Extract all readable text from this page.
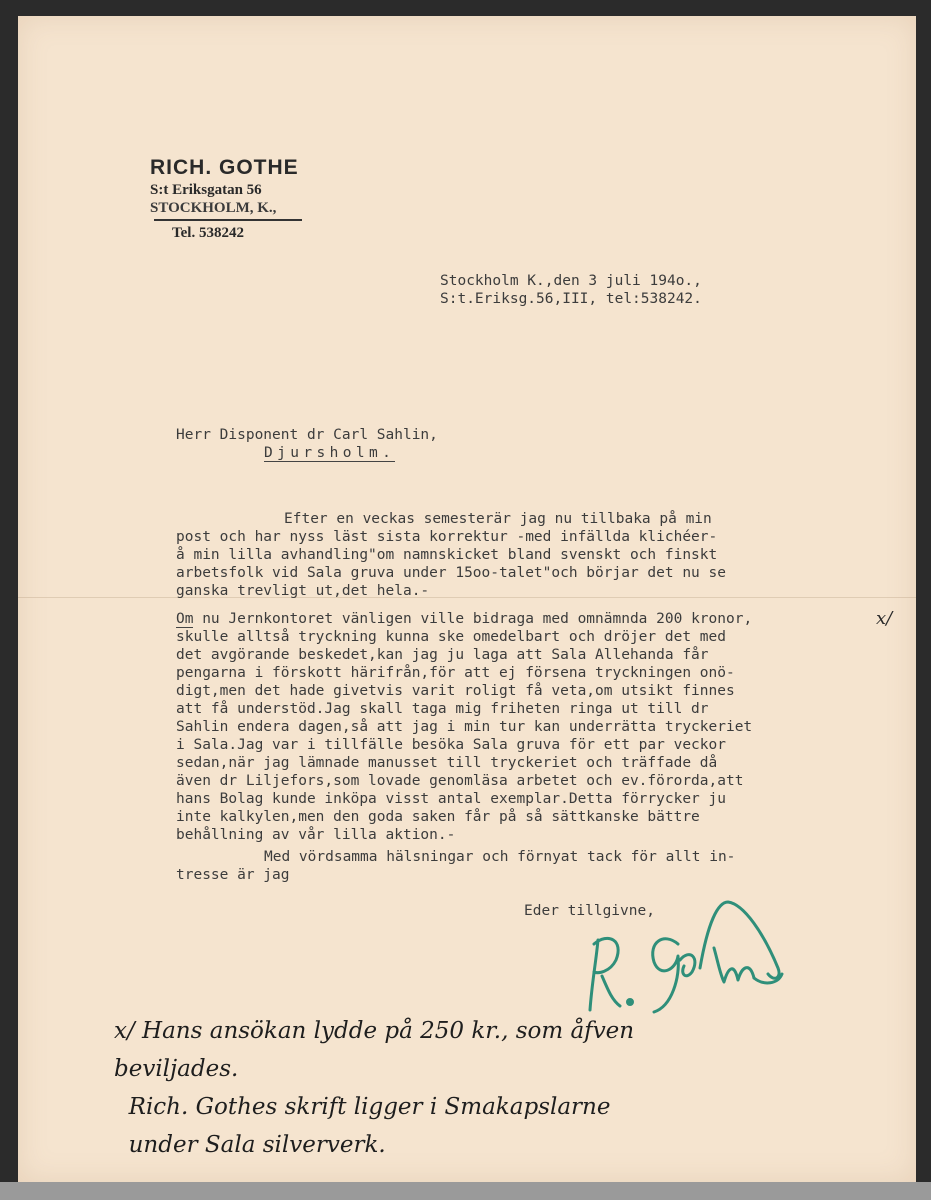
RICH. GOTHE
S:t Eriksgatan 56
STOCKHOLM, K.,
Tel. 538242
Stockholm K.,den 3 juli 194o.,
S:t.Eriksg.56,III, tel:538242.
Herr Disponent dr Carl Sahlin,
Djursholm.
Efter en veckas semesterär jag nu tillbaka på min
post och har nyss läst sista korrektur -med infällda klichéer-
å min lilla avhandling"om namnskicket bland svenskt och finskt
arbetsfolk vid Sala gruva under 15oo-talet"och börjar det nu se
ganska trevligt ut,det hela.-
Om nu Jernkontoret vänligen ville bidraga med omnämnda 200 kronor,
skulle alltså tryckning kunna ske omedelbart och dröjer det med
det avgörande beskedet,kan jag ju laga att Sala Allehanda får
pengarna i förskott härifrån,för att ej försena tryckningen onö-
digt,men det hade givetvis varit roligt få veta,om utsikt finnes
att få understöd.Jag skall taga mig friheten ringa ut till dr
Sahlin endera dagen,så att jag i min tur kan underrätta tryckeriet
i Sala.Jag var i tillfälle besöka Sala gruva för ett par veckor
sedan,när jag lämnade manusset till tryckeriet och träffade då
även dr Liljefors,som lovade genomläsa arbetet och ev.förorda,att
hans Bolag kunde inköpa visst antal exemplar.Detta förrycker ju
inte kalkylen,men den goda saken får på så sättkanske bättre
behållning av vår lilla aktion.-
x/
Med vördsamma hälsningar och förnyat tack för allt in-
tresse är jag
Eder tillgivne,
x/ Hans ansökan lydde på 250 kr., som åfven
beviljades.
Rich. Gothes skrift ligger i Smakapslarne
under Sala silververk.
